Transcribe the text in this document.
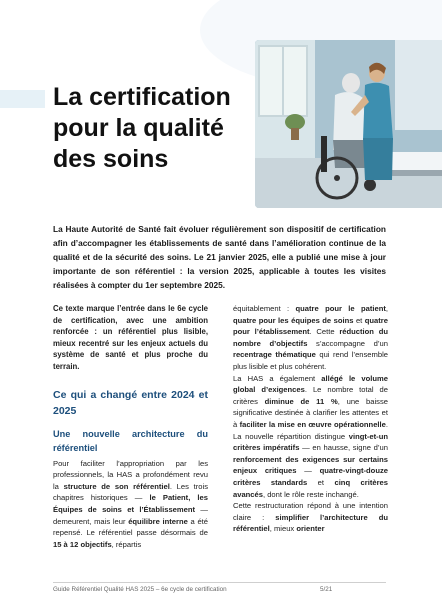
La certification pour la qualité des soins

La Haute Autorité de Santé fait évoluer régulièrement son dispositif de certification afin d’accompagner les établissements de santé dans l’amélioration continue de la qualité et de la sécurité des soins. Le 21 janvier 2025, elle a publié une mise à jour importante de son référentiel : la version 2025, applicable à toutes les visites réalisées à compter du 1er septembre 2025.

Ce texte marque l’entrée dans le 6e cycle de certification, avec une ambition renforcée : un référentiel plus lisible, mieux recentré sur les enjeux actuels du système de santé et plus proche du terrain.

Ce qui a changé entre 2024 et 2025

Une nouvelle architecture du référentiel

Pour faciliter l’appropriation par les professionnels, la HAS a profondément revu la structure de son référentiel. Les trois chapitres historiques — le Patient, les Équipes de soins et l’Établissement — demeurent, mais leur équilibre interne a été repensé. Le référentiel passe désormais de 15 à 12 objectifs, répartis

équitablement : quatre pour le patient, quatre pour les équipes de soins et quatre pour l’établissement. Cette réduction du nombre d’objectifs s’accompagne d’un recentrage thématique qui rend l’ensemble plus lisible et plus cohérent.

La HAS a également allégé le volume global d’exigences. Le nombre total de critères diminue de 11 %, une baisse significative destinée à clarifier les attentes et à faciliter la mise en œuvre opérationnelle. La nouvelle répartition distingue vingt-et-un critères impératifs — en hausse, signe d’un renforcement des exigences sur certains enjeux critiques — quatre-vingt-douze critères standards et cinq critères avancés, dont le rôle reste inchangé.

Cette restructuration répond à une intention claire : simplifier l’architecture du référentiel, mieux orienter

Guide Référentiel Qualité HAS 2025 – 6e cycle de certification	5/21
